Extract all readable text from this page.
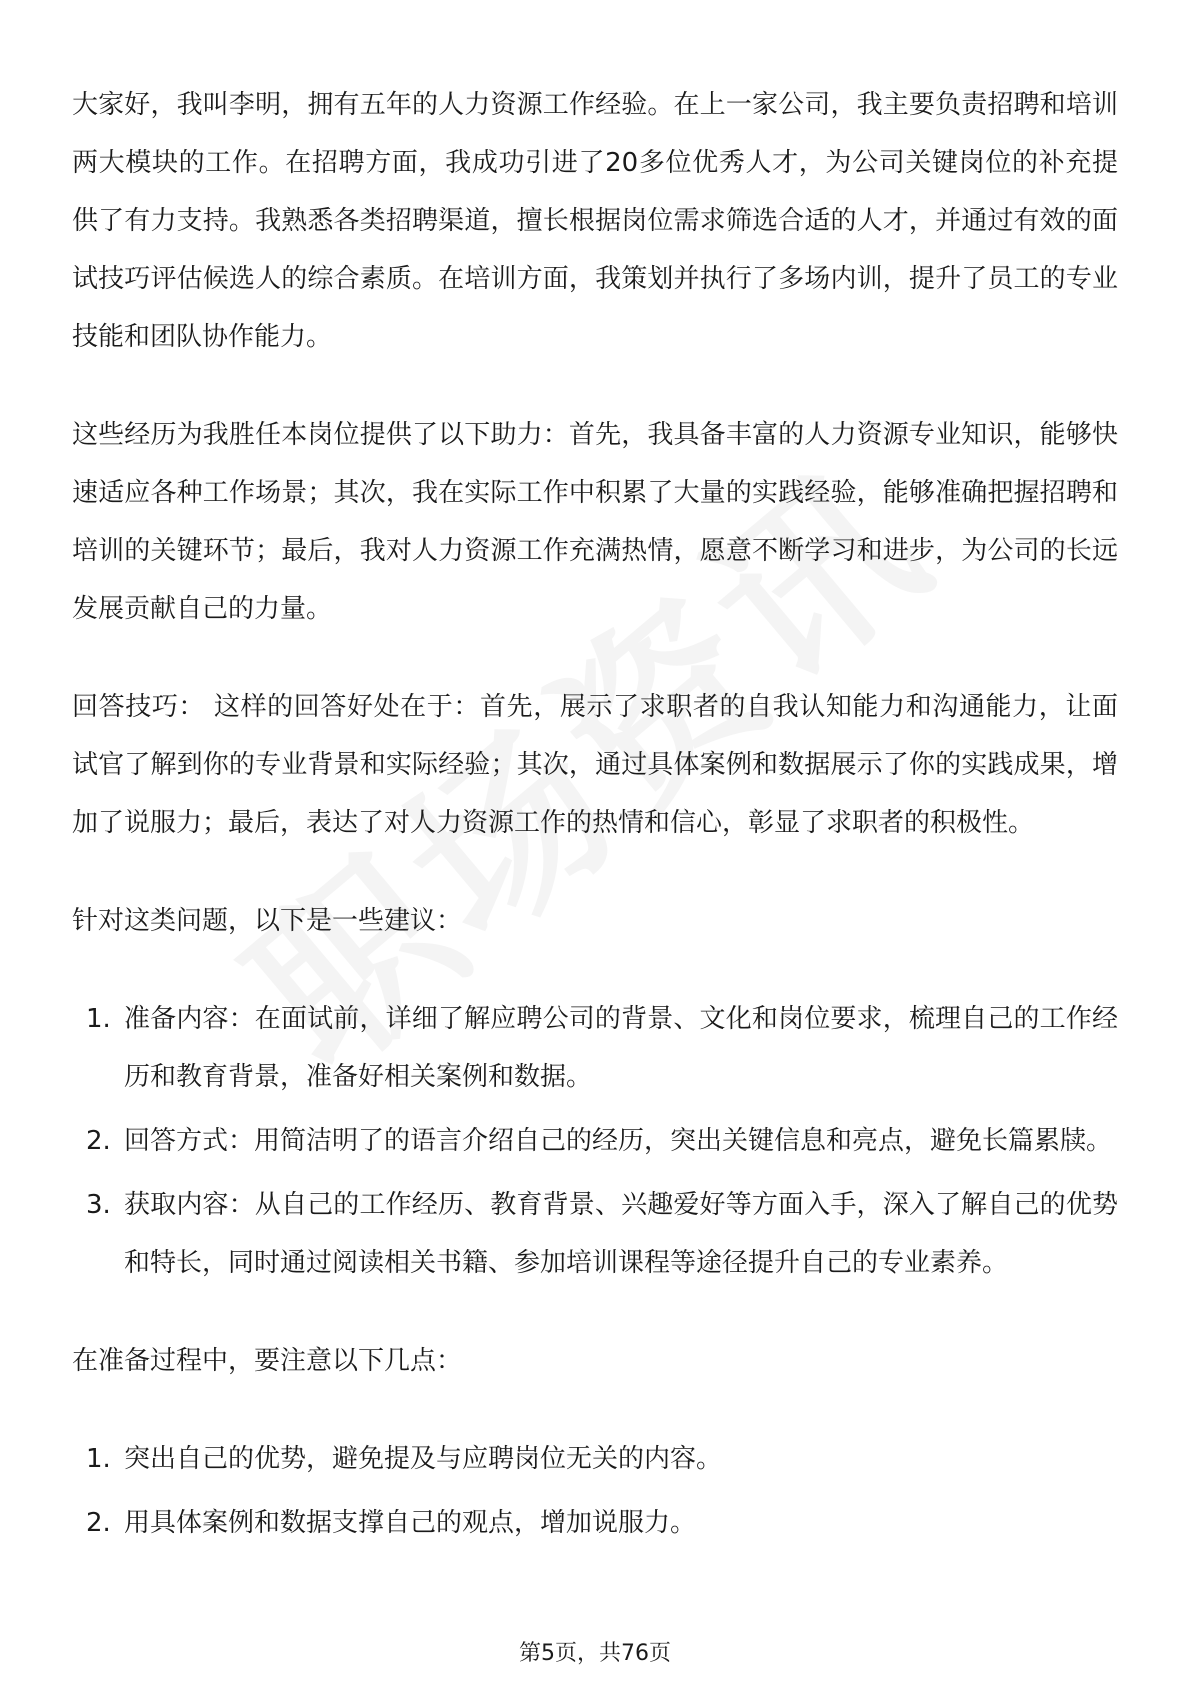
大家好，我叫李明，拥有五年的人力资源工作经验。在上一家公司，我主要负责招聘和培训两大模块的工作。在招聘方面，我成功引进了20多位优秀人才，为公司关键岗位的补充提供了有力支持。我熟悉各类招聘渠道，擅长根据岗位需求筛选合适的人才，并通过有效的面试技巧评估候选人的综合素质。在培训方面，我策划并执行了多场内训，提升了员工的专业技能和团队协作能力。

这些经历为我胜任本岗位提供了以下助力：首先，我具备丰富的人力资源专业知识，能够快速适应各种工作场景；其次，我在实际工作中积累了大量的实践经验，能够准确把握招聘和培训的关键环节；最后，我对人力资源工作充满热情，愿意不断学习和进步，为公司的长远发展贡献自己的力量。

回答技巧： 这样的回答好处在于：首先，展示了求职者的自我认知能力和沟通能力，让面试官了解到你的专业背景和实际经验；其次，通过具体案例和数据展示了你的实践成果，增加了说服力；最后，表达了对人力资源工作的热情和信心，彰显了求职者的积极性。

针对这类问题，以下是一些建议：

1. 准备内容：在面试前，详细了解应聘公司的背景、文化和岗位要求，梳理自己的工作经历和教育背景，准备好相关案例和数据。
2. 回答方式：用简洁明了的语言介绍自己的经历，突出关键信息和亮点，避免长篇累牍。
3. 获取内容：从自己的工作经历、教育背景、兴趣爱好等方面入手，深入了解自己的优势和特长，同时通过阅读相关书籍、参加培训课程等途径提升自己的专业素养。

在准备过程中，要注意以下几点：

1. 突出自己的优势，避免提及与应聘岗位无关的内容。
2. 用具体案例和数据支撑自己的观点，增加说服力。
第5页，共76页
